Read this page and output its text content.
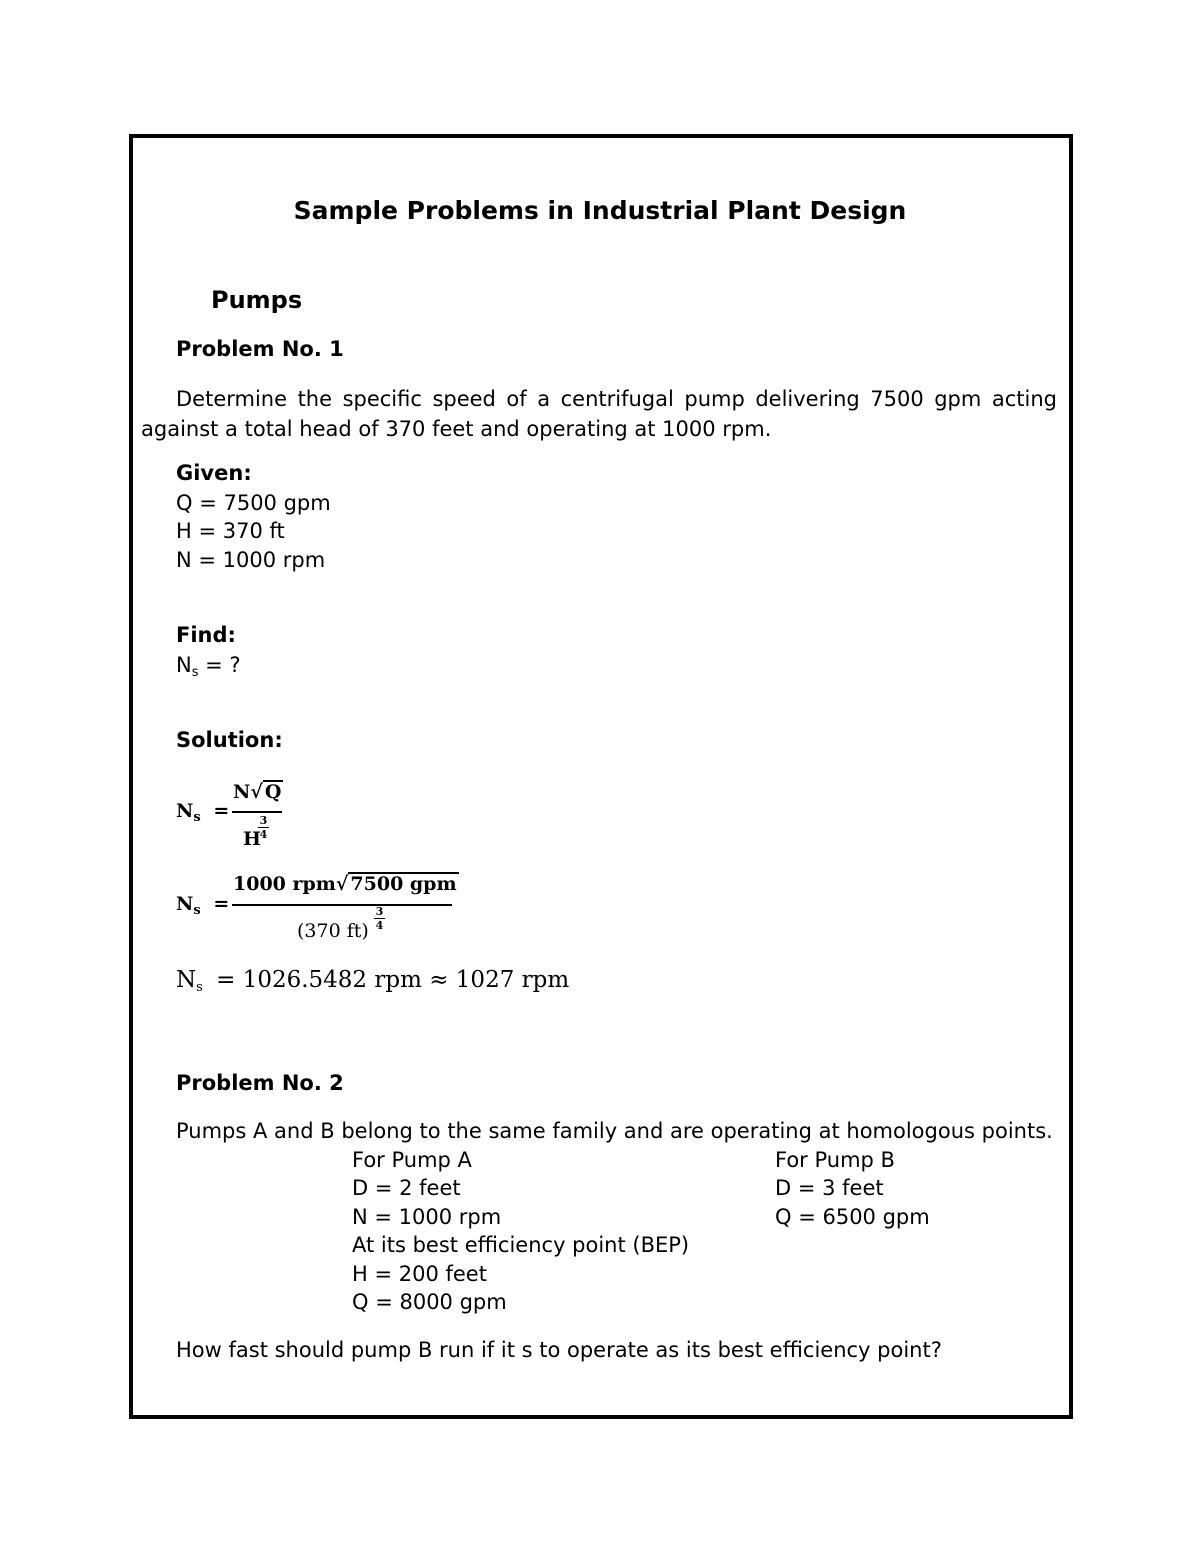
Sample Problems in Industrial Plant Design
Pumps
Problem No. 1
Determine the specific speed of a centrifugal pump delivering 7500 gpm acting
against a total head of 370 feet and operating at 1000 rpm.
Given:
Q = 7500 gpm
H = 370 ft
N = 1000 rpm
Find:
$N_s$ = ?
Solution:
$N_s$ =
N√ Q
H
3
4
$N_s$ =
1000 rpm√ 7500 gpm
(370 ft)
3
4
$N_s = 1026.5482$ rpm ≈ 1027 rpm
Problem No. 2
Pumps A and B belong to the same family and are operating at homologous points.
For Pump A
D = 2 feet
N = 1000 rpm
At its best efficiency point (BEP)
H = 200 feet
Q = 8000 gpm
For Pump B
D = 3 feet
Q = 6500 gpm
How fast should pump B run if it s to operate as its best efficiency point?
